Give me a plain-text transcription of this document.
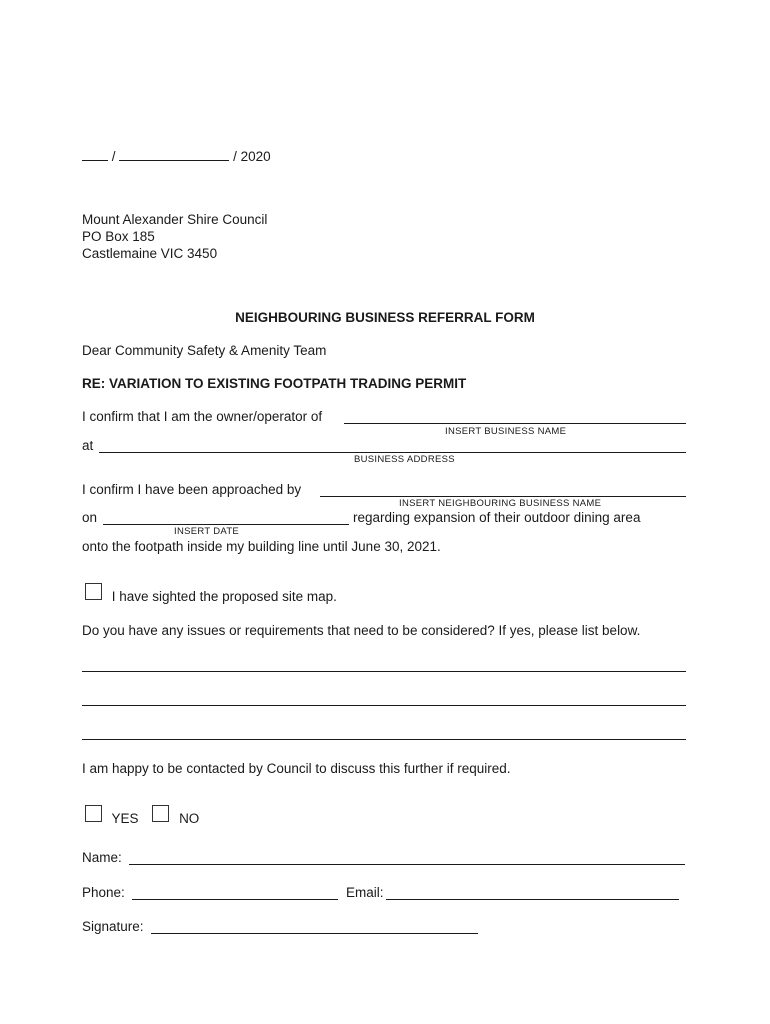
/	/ 2020
Mount Alexander Shire Council
PO Box 185
Castlemaine VIC 3450
NEIGHBOURING BUSINESS REFERRAL FORM
Dear Community Safety & Amenity Team
RE: VARIATION TO EXISTING FOOTPATH TRADING PERMIT
I confirm that I am the owner/operator of
INSERT BUSINESS NAME
at
BUSINESS ADDRESS
I confirm I have been approached by
INSERT NEIGHBOURING BUSINESS NAME
on
INSERT DATE
regarding expansion of their outdoor dining area
onto the footpath inside my building line until June 30, 2021.
I have sighted the proposed site map.
Do you have any issues or requirements that need to be considered? If yes, please list below.
I am happy to be contacted by Council to discuss this further if required.
YES	NO
Name:
Phone:	Email:
Signature:
